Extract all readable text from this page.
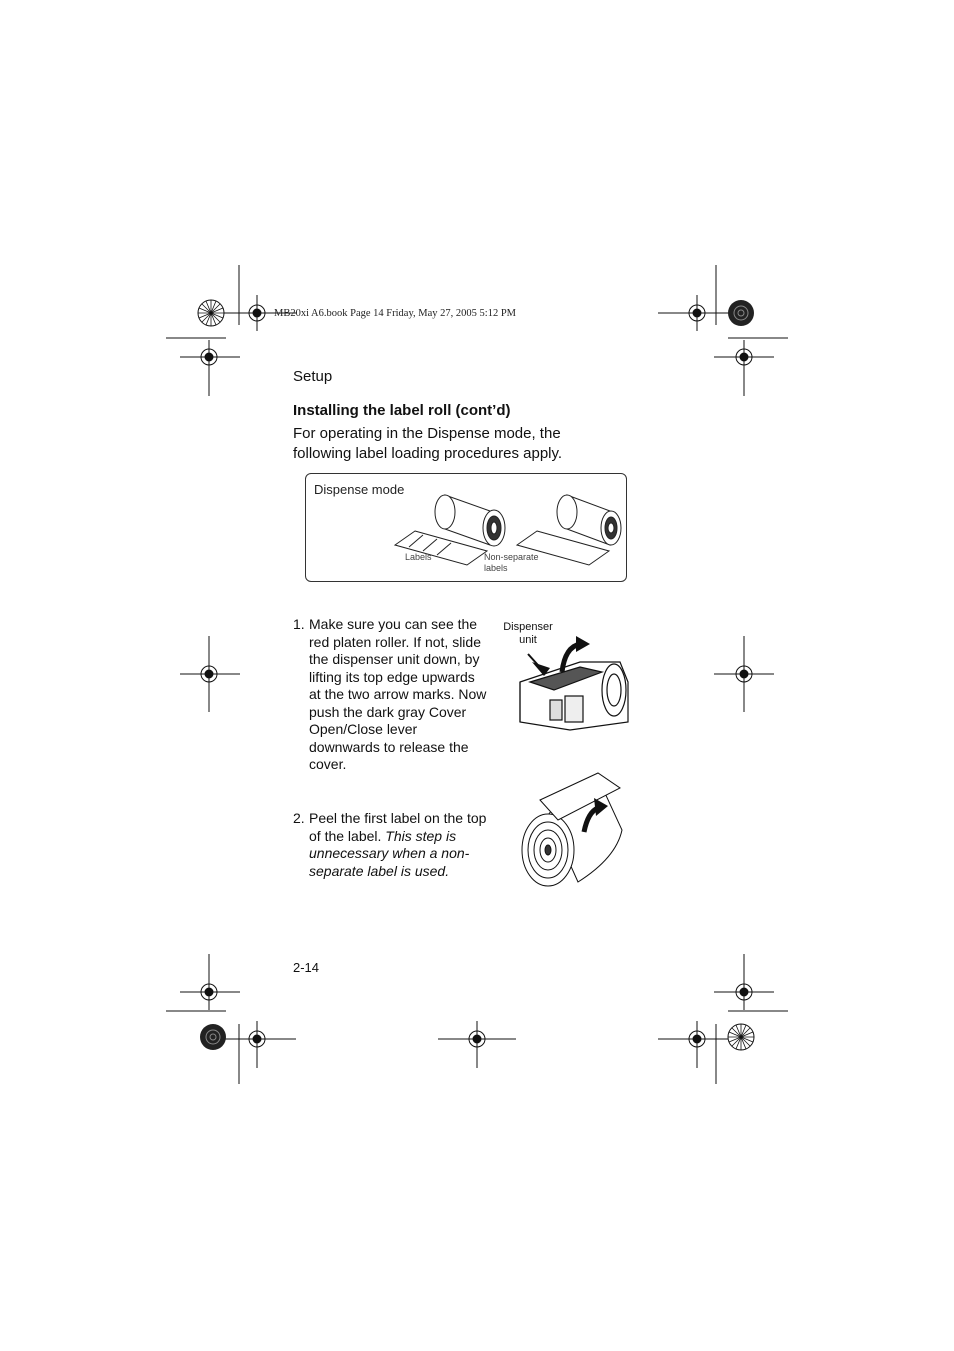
MB20xi A6.book Page 14 Friday, May 27, 2005 5:12 PM
Setup
Installing the label roll (cont’d)
For operating in the Dispense mode, the following label loading procedures apply.
Dispense mode
Labels	Non-separate
labels
1. Make sure you can see the red platen roller. If not, slide the dispenser unit down, by lifting its top edge upwards at the two arrow marks. Now push the dark gray Cover Open/Close lever downwards to release the cover.
Dispenser unit
2. Peel the first label on the top of the label. This step is unnecessary when a non-separate label is used.
2-14
